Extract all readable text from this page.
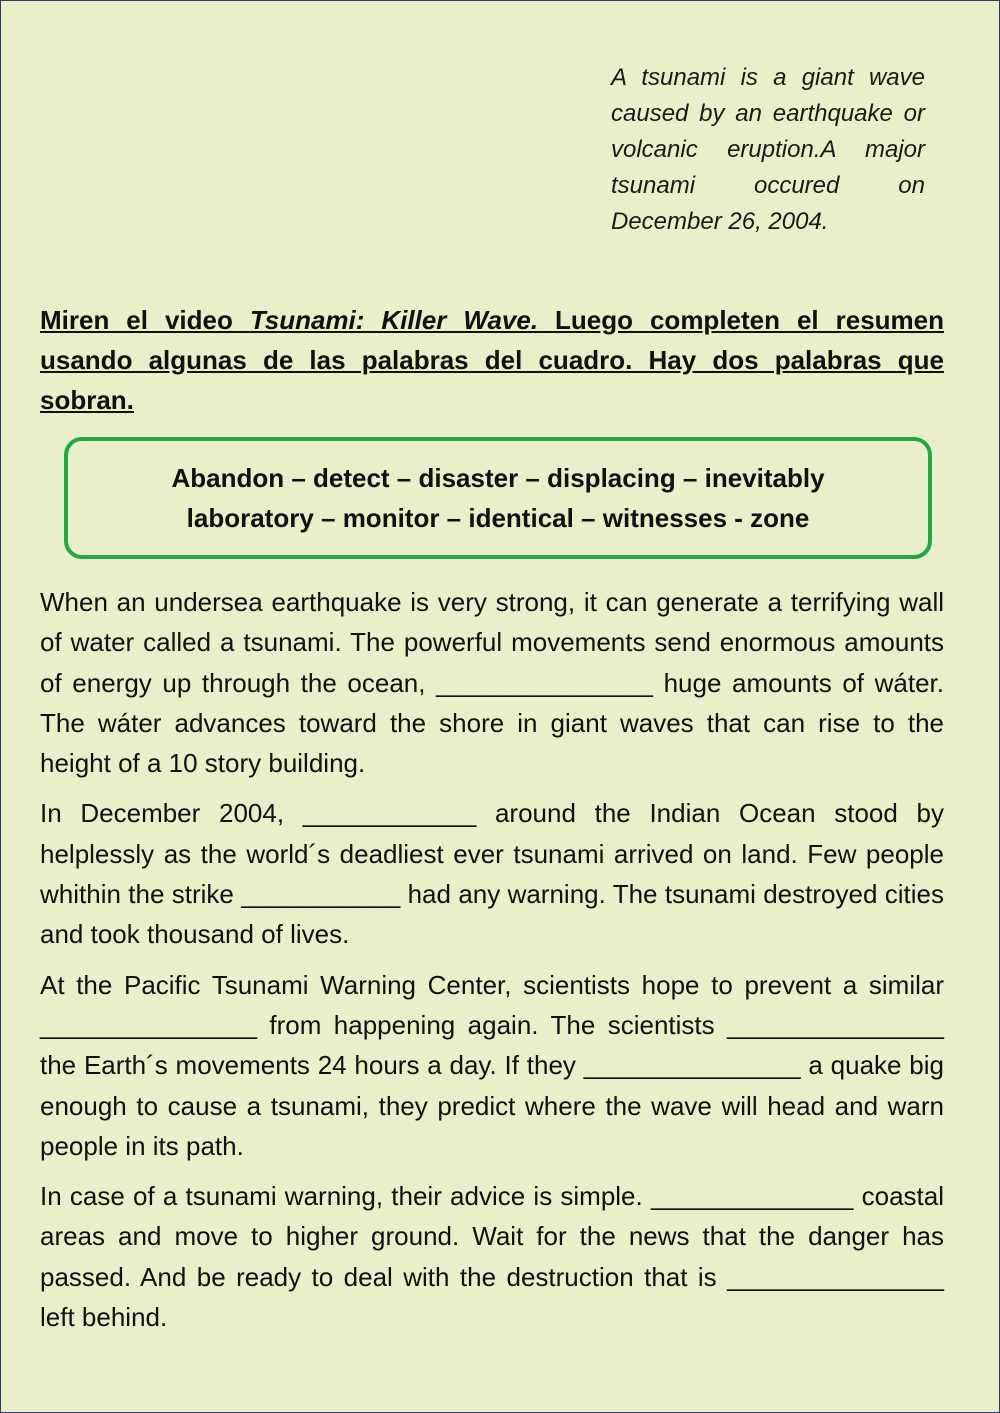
A tsunami is a giant wave caused by an earthquake or volcanic eruption.A major tsunami occured on December 26, 2004.
Miren el video Tsunami: Killer Wave. Luego completen el resumen usando algunas de las palabras del cuadro. Hay dos palabras que sobran.
Abandon – detect – disaster – displacing – inevitably
laboratory – monitor – identical – witnesses - zone

When an undersea earthquake is very strong, it can generate a terrifying wall of water called a tsunami. The powerful movements send enormous amounts of energy up through the ocean, _______________ huge amounts of wáter. The wáter advances toward the shore in giant waves that can rise to the height of a 10 story building.

In December 2004, ____________ around the Indian Ocean stood by helplessly as the world´s deadliest ever tsunami arrived on land. Few people whithin the strike ___________ had any warning. The tsunami destroyed cities and took thousand of lives.

At the Pacific Tsunami Warning Center, scientists hope to prevent a similar _______________ from happening again. The scientists _______________ the Earth´s movements 24 hours a day. If they _______________ a quake big enough to cause a tsunami, they predict where the wave will head and warn people in its path.

In case of a tsunami warning, their advice is simple. ______________ coastal areas and move to higher ground. Wait for the news that the danger has passed. And be ready to deal with the destruction that is _______________ left behind.
